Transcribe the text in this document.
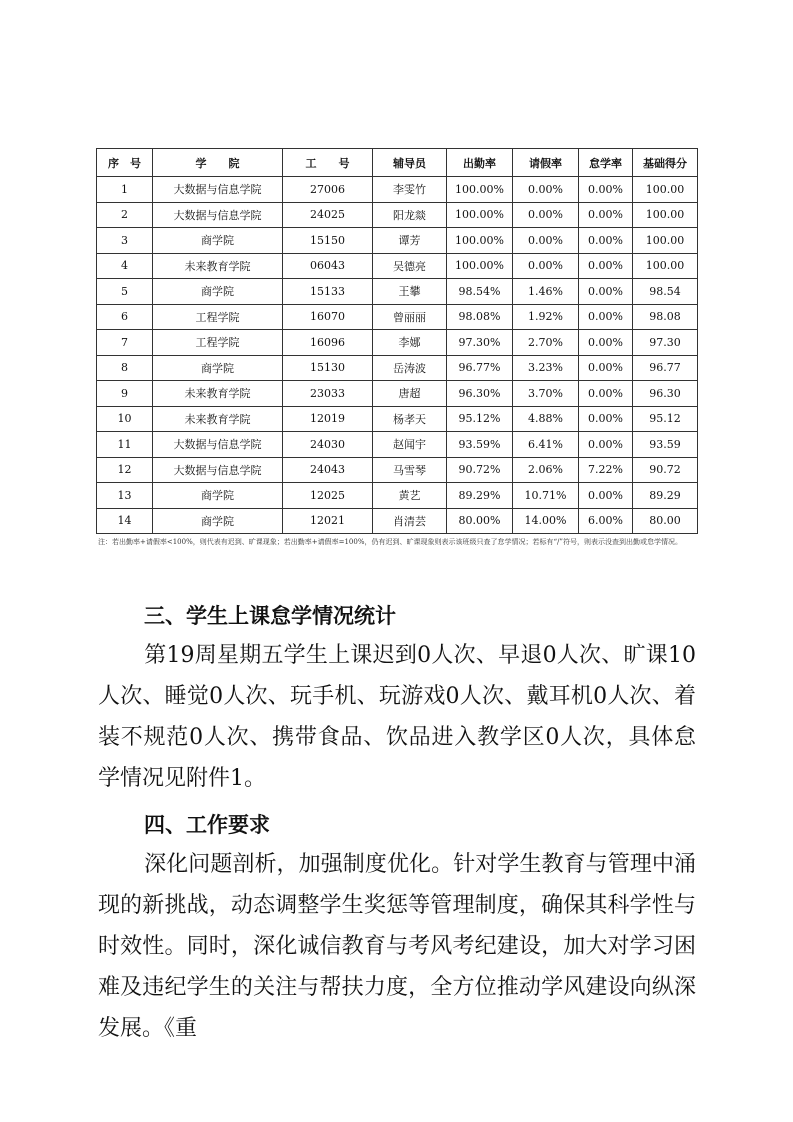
序　号	学　　院	工　　号	辅导员	出勤率	请假率	怠学率	基础得分
1	大数据与信息学院	27006	李雯竹	100.00%	0.00%	0.00%	100.00
2	大数据与信息学院	24025	阳龙燚	100.00%	0.00%	0.00%	100.00
3	商学院	15150	谭芳	100.00%	0.00%	0.00%	100.00
4	未来教育学院	06043	吴德亮	100.00%	0.00%	0.00%	100.00
5	商学院	15133	王攀	98.54%	1.46%	0.00%	98.54
6	工程学院	16070	曾丽丽	98.08%	1.92%	0.00%	98.08
7	工程学院	16096	李娜	97.30%	2.70%	0.00%	97.30
8	商学院	15130	岳涛波	96.77%	3.23%	0.00%	96.77
9	未来教育学院	23033	唐超	96.30%	3.70%	0.00%	96.30
10	未来教育学院	12019	杨孝天	95.12%	4.88%	0.00%	95.12
11	大数据与信息学院	24030	赵闻宇	93.59%	6.41%	0.00%	93.59
12	大数据与信息学院	24043	马雪琴	90.72%	2.06%	7.22%	90.72
13	商学院	12025	黄艺	89.29%	10.71%	0.00%	89.29
14	商学院	12021	肖清芸	80.00%	14.00%	6.00%	80.00
注：若出勤率+请假率<100%，则代表有迟到、旷课现象；若出勤率+请假率=100%，仍有迟到、旷课现象则表示该班级只查了怠学情况；若标有“/”符号，则表示没查到出勤或怠学情况。
三、学生上课怠学情况统计

第19周星期五学生上课迟到0人次、早退0人次、旷课10人次、睡觉0人次、玩手机、玩游戏0人次、戴耳机0人次、着装不规范0人次、携带食品、饮品进入教学区0人次，具体怠学情况见附件1。

四、工作要求

深化问题剖析，加强制度优化。针对学生教育与管理中涌现的新挑战，动态调整学生奖惩等管理制度，确保其科学性与时效性。同时，深化诚信教育与考风考纪建设，加大对学习困难及违纪学生的关注与帮扶力度，全方位推动学风建设向纵深发展。《重
